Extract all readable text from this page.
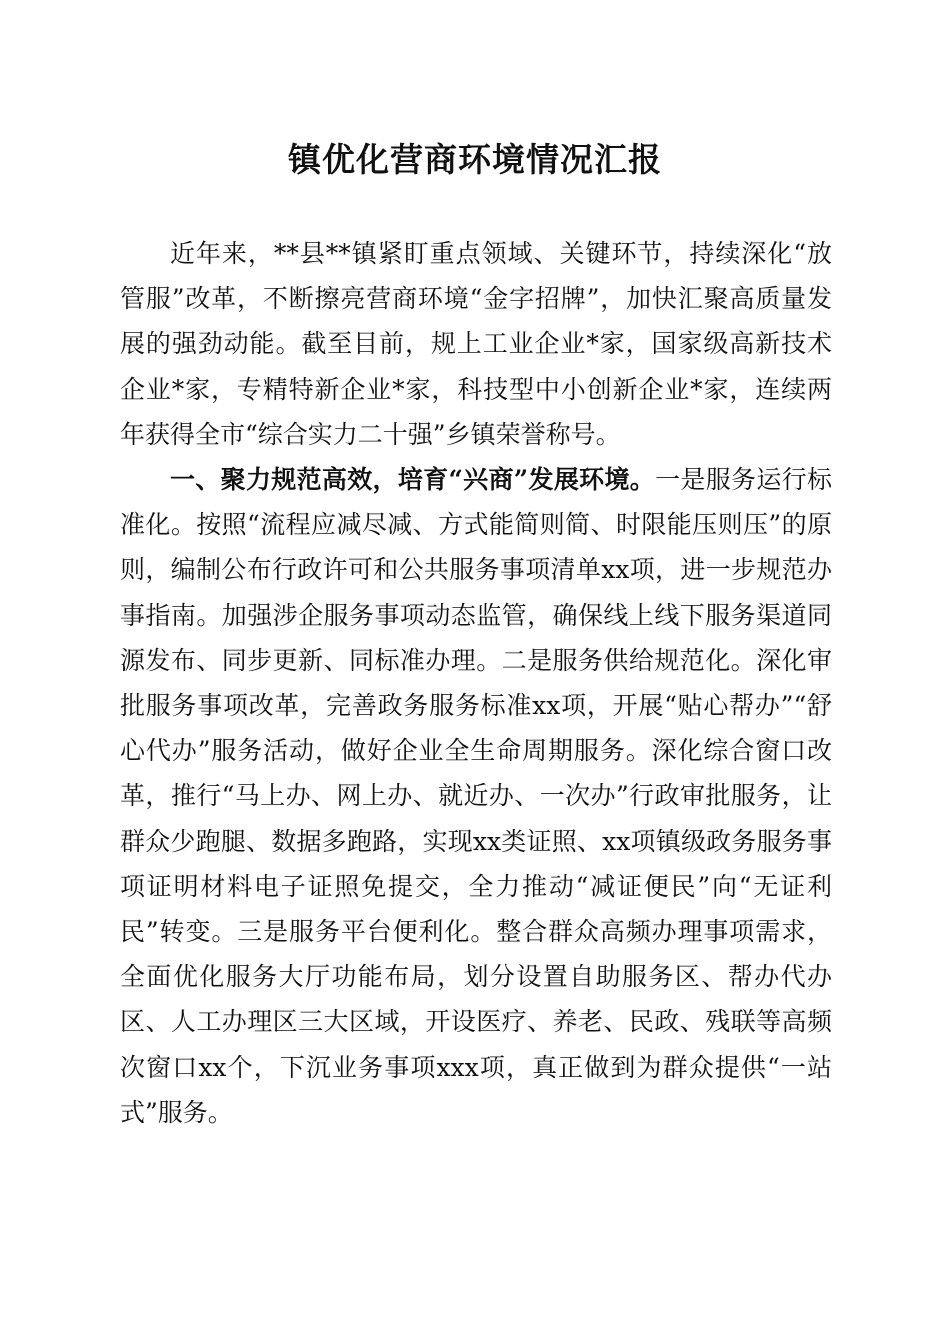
镇优化营商环境情况汇报

近年来，**县**镇紧盯重点领域、关键环节，持续深化“放管服”改革，不断擦亮营商环境“金字招牌”，加快汇聚高质量发展的强劲动能。截至目前，规上工业企业*家，国家级高新技术企业*家，专精特新企业*家，科技型中小创新企业*家，连续两年获得全市“综合实力二十强”乡镇荣誉称号。

一、聚力规范高效，培育“兴商”发展环境。一是服务运行标准化。按照“流程应减尽减、方式能简则简、时限能压则压”的原则，编制公布行政许可和公共服务事项清单xx项，进一步规范办事指南。加强涉企服务事项动态监管，确保线上线下服务渠道同源发布、同步更新、同标准办理。二是服务供给规范化。深化审批服务事项改革，完善政务服务标准xx项，开展“贴心帮办”“舒心代办”服务活动，做好企业全生命周期服务。深化综合窗口改革，推行“马上办、网上办、就近办、一次办”行政审批服务，让群众少跑腿、数据多跑路，实现xx类证照、xx项镇级政务服务事项证明材料电子证照免提交，全力推动“减证便民”向“无证利民”转变。三是服务平台便利化。整合群众高频办理事项需求，全面优化服务大厅功能布局，划分设置自助服务区、帮办代办区、人工办理区三大区域，开设医疗、养老、民政、残联等高频次窗口xx个，下沉业务事项xxx项，真正做到为群众提供“一站式”服务。
